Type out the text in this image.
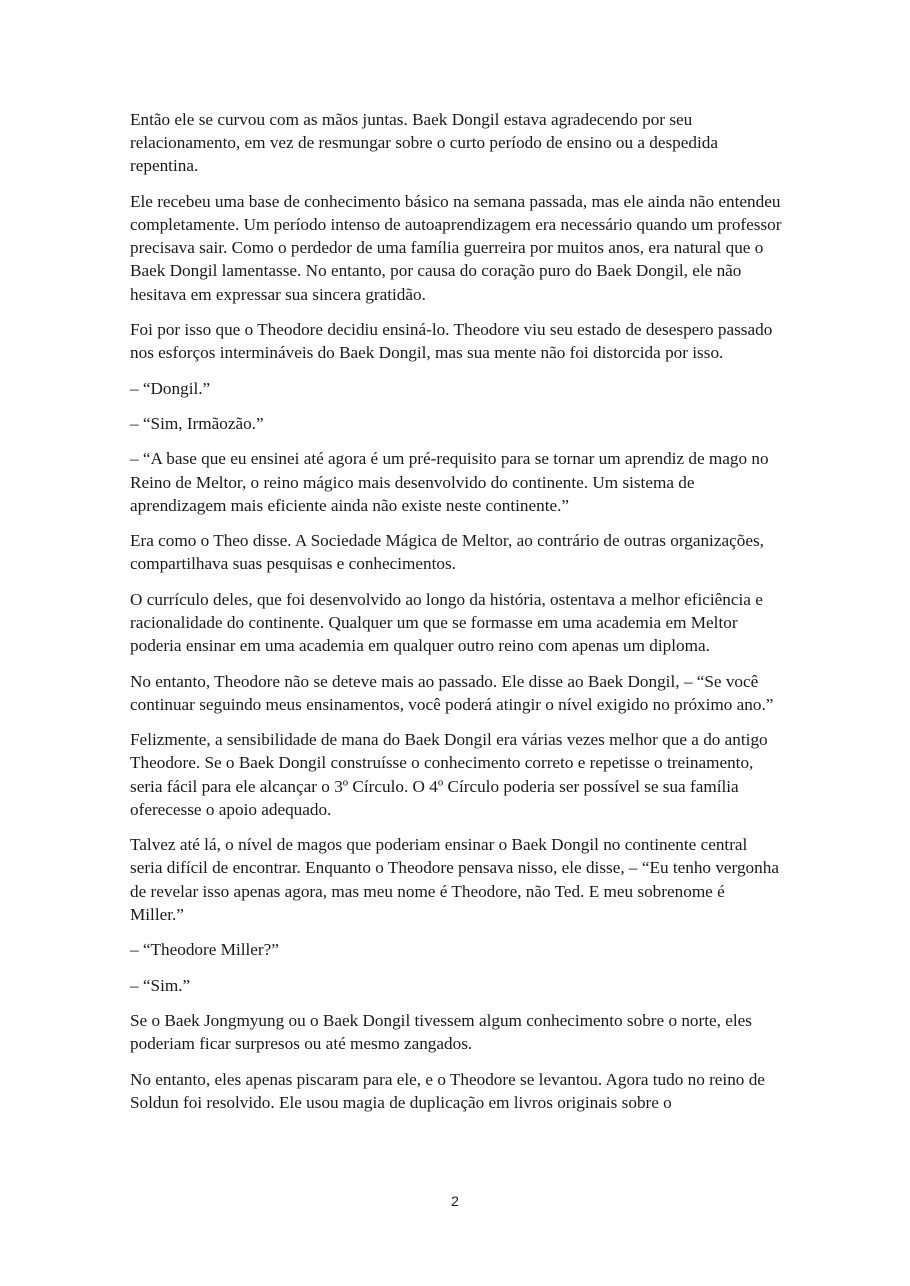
Então ele se curvou com as mãos juntas. Baek Dongil estava agradecendo por seu relacionamento, em vez de resmungar sobre o curto período de ensino ou a despedida repentina.

Ele recebeu uma base de conhecimento básico na semana passada, mas ele ainda não entendeu completamente. Um período intenso de autoaprendizagem era necessário quando um professor precisava sair. Como o perdedor de uma família guerreira por muitos anos, era natural que o Baek Dongil lamentasse. No entanto, por causa do coração puro do Baek Dongil, ele não hesitava em expressar sua sincera gratidão.

Foi por isso que o Theodore decidiu ensiná-lo. Theodore viu seu estado de desespero passado nos esforços intermináveis do Baek Dongil, mas sua mente não foi distorcida por isso.

– “Dongil.”

– “Sim, Irmãozão.”

– “A base que eu ensinei até agora é um pré-requisito para se tornar um aprendiz de mago no Reino de Meltor, o reino mágico mais desenvolvido do continente. Um sistema de aprendizagem mais eficiente ainda não existe neste continente.”

Era como o Theo disse. A Sociedade Mágica de Meltor, ao contrário de outras organizações, compartilhava suas pesquisas e conhecimentos.

O currículo deles, que foi desenvolvido ao longo da história, ostentava a melhor eficiência e racionalidade do continente. Qualquer um que se formasse em uma academia em Meltor poderia ensinar em uma academia em qualquer outro reino com apenas um diploma.

No entanto, Theodore não se deteve mais ao passado. Ele disse ao Baek Dongil, – “Se você continuar seguindo meus ensinamentos, você poderá atingir o nível exigido no próximo ano.”

Felizmente, a sensibilidade de mana do Baek Dongil era várias vezes melhor que a do antigo Theodore. Se o Baek Dongil construísse o conhecimento correto e repetisse o treinamento, seria fácil para ele alcançar o 3º Círculo. O 4º Círculo poderia ser possível se sua família oferecesse o apoio adequado.

Talvez até lá, o nível de magos que poderiam ensinar o Baek Dongil no continente central seria difícil de encontrar. Enquanto o Theodore pensava nisso, ele disse, – “Eu tenho vergonha de revelar isso apenas agora, mas meu nome é Theodore, não Ted. E meu sobrenome é Miller.”

– “Theodore Miller?”

– “Sim.”

Se o Baek Jongmyung ou o Baek Dongil tivessem algum conhecimento sobre o norte, eles poderiam ficar surpresos ou até mesmo zangados.

No entanto, eles apenas piscaram para ele, e o Theodore se levantou. Agora tudo no reino de Soldun foi resolvido. Ele usou magia de duplicação em livros originais sobre o

2
